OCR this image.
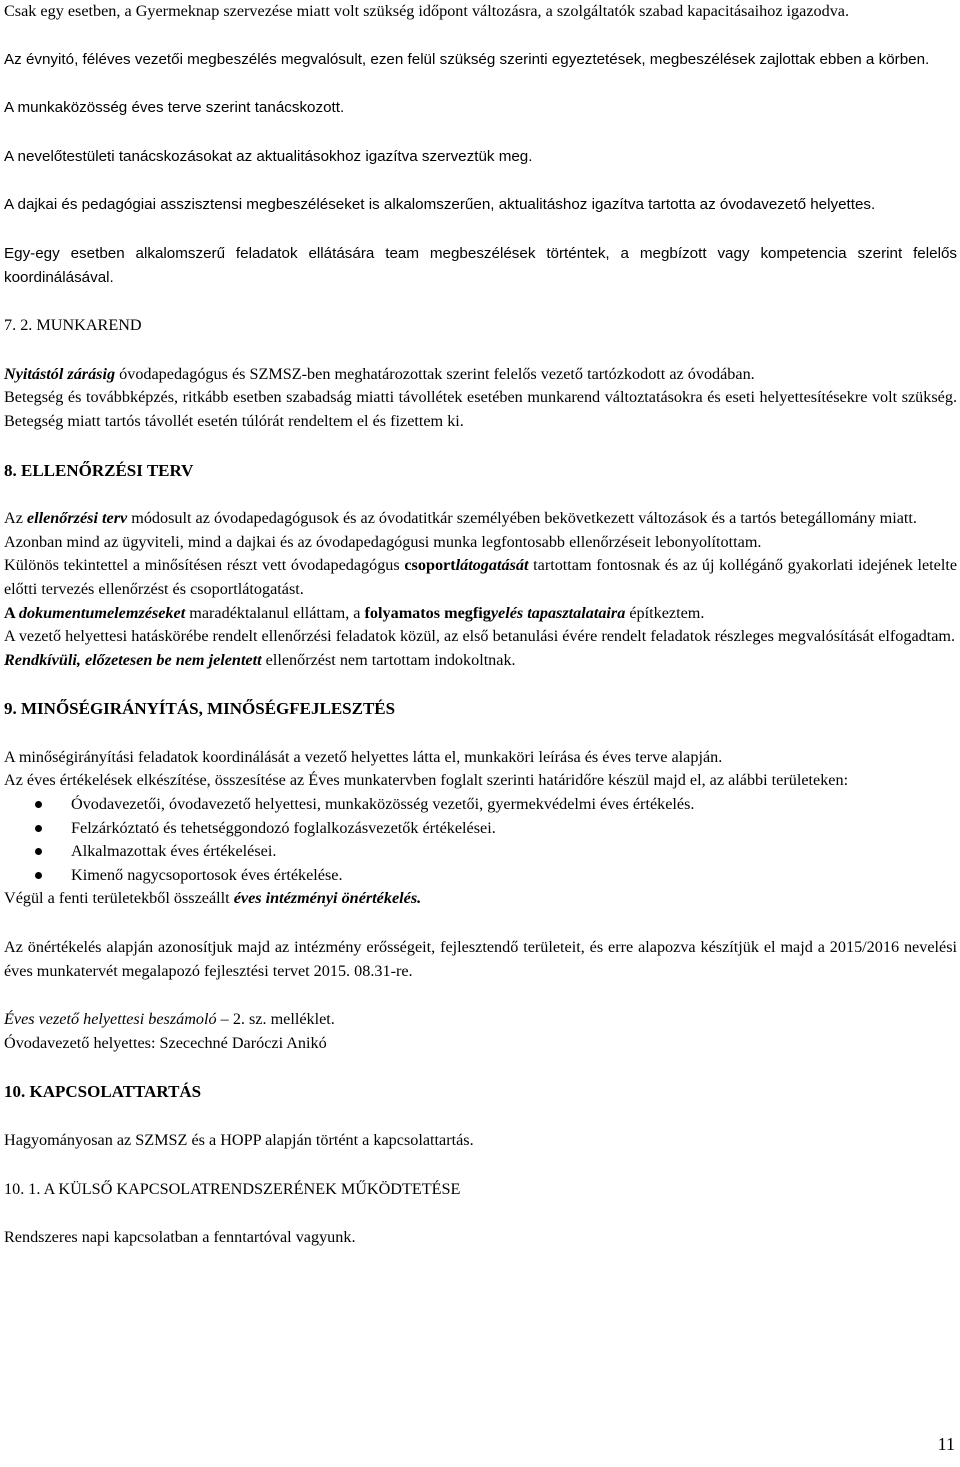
Csak egy esetben, a Gyermeknap szervezése miatt volt szükség időpont változásra, a szolgáltatók szabad kapacitásaihoz igazodva.

Az évnyitó, féléves vezetői megbeszélés megvalósult, ezen felül szükség szerinti egyeztetések, megbeszélések zajlottak ebben a körben.

A munkaközösség éves terve szerint tanácskozott.

A nevelőtestületi tanácskozásokat az aktualitásokhoz igazítva szerveztük meg.

A dajkai és pedagógiai asszisztensi megbeszéléseket is alkalomszerűen, aktualitáshoz igazítva tartotta az óvodavezető helyettes.

Egy-egy esetben alkalomszerű feladatok ellátására team megbeszélések történtek, a megbízott vagy kompetencia szerint felelős koordinálásával.

7. 2. MUNKAREND

Nyitástól zárásig óvodapedagógus és SZMSZ-ben meghatározottak szerint felelős vezető tartózkodott az óvodában.

Betegség és továbbképzés, ritkább esetben szabadság miatti távollétek esetében munkarend változtatásokra és eseti helyettesítésekre volt szükség. Betegség miatt tartós távollét esetén túlórát rendeltem el és fizettem ki.

8. ELLENŐRZÉSI TERV

Az ellenőrzési terv módosult az óvodapedagógusok és az óvodatitkár személyében bekövetkezett változások és a tartós betegállomány miatt.

Azonban mind az ügyviteli, mind a dajkai és az óvodapedagógusi munka legfontosabb ellenőrzéseit lebonyolítottam.

Különös tekintettel a minősítésen részt vett óvodapedagógus csoportlátogatását tartottam fontosnak és az új kollégánő gyakorlati idejének letelte előtti tervezés ellenőrzést és csoportlátogatást.

A dokumentumelemzéseket maradéktalanul elláttam, a folyamatos megfigyelés tapasztalataira építkeztem.

A vezető helyettesi hatáskörébe rendelt ellenőrzési feladatok közül, az első betanulási évére rendelt feladatok részleges megvalósítását elfogadtam.

Rendkívüli, előzetesen be nem jelentett ellenőrzést nem tartottam indokoltnak.

9. MINŐSÉGIRÁNYÍTÁS, MINŐSÉGFEJLESZTÉS

A minőségirányítási feladatok koordinálását a vezető helyettes látta el, munkaköri leírása és éves terve alapján.

Az éves értékelések elkészítése, összesítése az Éves munkatervben foglalt szerinti határidőre készül majd el, az alábbi területeken:

Óvodavezetői, óvodavezető helyettesi, munkaközösség vezetői, gyermekvédelmi éves értékelés.
Felzárkóztató és tehetséggondozó foglalkozásvezetők értékelései.
Alkalmazottak éves értékelései.
Kimenő nagycsoportosok éves értékelése.

Végül a fenti területekből összeállt éves intézményi önértékelés.

Az önértékelés alapján azonosítjuk majd az intézmény erősségeit, fejlesztendő területeit, és erre alapozva készítjük el majd a 2015/2016 nevelési éves munkatervét megalapozó fejlesztési tervet 2015. 08.31-re.

Éves vezető helyettesi beszámoló – 2. sz. melléklet.

Óvodavezető helyettes: Szecechné Daróczi Anikó

10. KAPCSOLATTARTÁS

Hagyományosan az SZMSZ és a HOPP alapján történt a kapcsolattartás.

10. 1. A KÜLSŐ KAPCSOLATRENDSZERÉNEK MŰKÖDTETÉSE

Rendszeres napi kapcsolatban a fenntartóval vagyunk.

11
